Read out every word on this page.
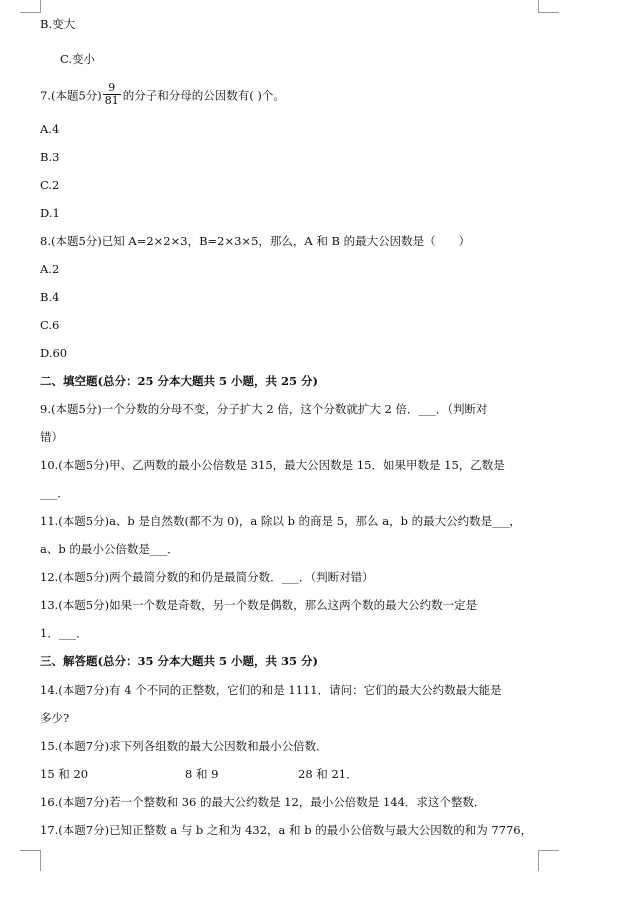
B.变大
C.变小
7.(本题5分) $\frac{9}{81}$ 的分子和分母的公因数有( )个。
A.4
B.3
C.2
D.1
8.(本题5分)已知 A=2×2×3，B=2×3×5，那么，A 和 B 的最大公因数是（　　）
A.2
B.4
C.6
D.60
二、填空题(总分：25 分本大题共 5 小题，共 25 分)
9.(本题5分)一个分数的分母不变，分子扩大 2 倍，这个分数就扩大 2 倍．___．（判断对
错）
10.(本题5分)甲、乙两数的最小公倍数是 315，最大公因数是 15．如果甲数是 15，乙数是
___．
11.(本题5分)a、b 是自然数(都不为 0)，a 除以 b 的商是 5，那么 a，b 的最大公约数是___，
a、b 的最小公倍数是___．
12.(本题5分)两个最简分数的和仍是最简分数．___．（判断对错）
13.(本题5分)如果一个数是奇数，另一个数是偶数，那么这两个数的最大公约数一定是
1．___．
三、解答题(总分：35 分本大题共 5 小题，共 35 分)
14.(本题7分)有 4 个不同的正整数，它们的和是 1111．请问：它们的最大公约数最大能是
多少?
15.(本题7分)求下列各组数的最大公因数和最小公倍数．
15 和 20	8 和 9	28 和 21．
16.(本题7分)若一个整数和 36 的最大公约数是 12，最小公倍数是 144．求这个整数．
17.(本题7分)已知正整数 a 与 b 之和为 432，a 和 b 的最小公倍数与最大公因数的和为 7776，
